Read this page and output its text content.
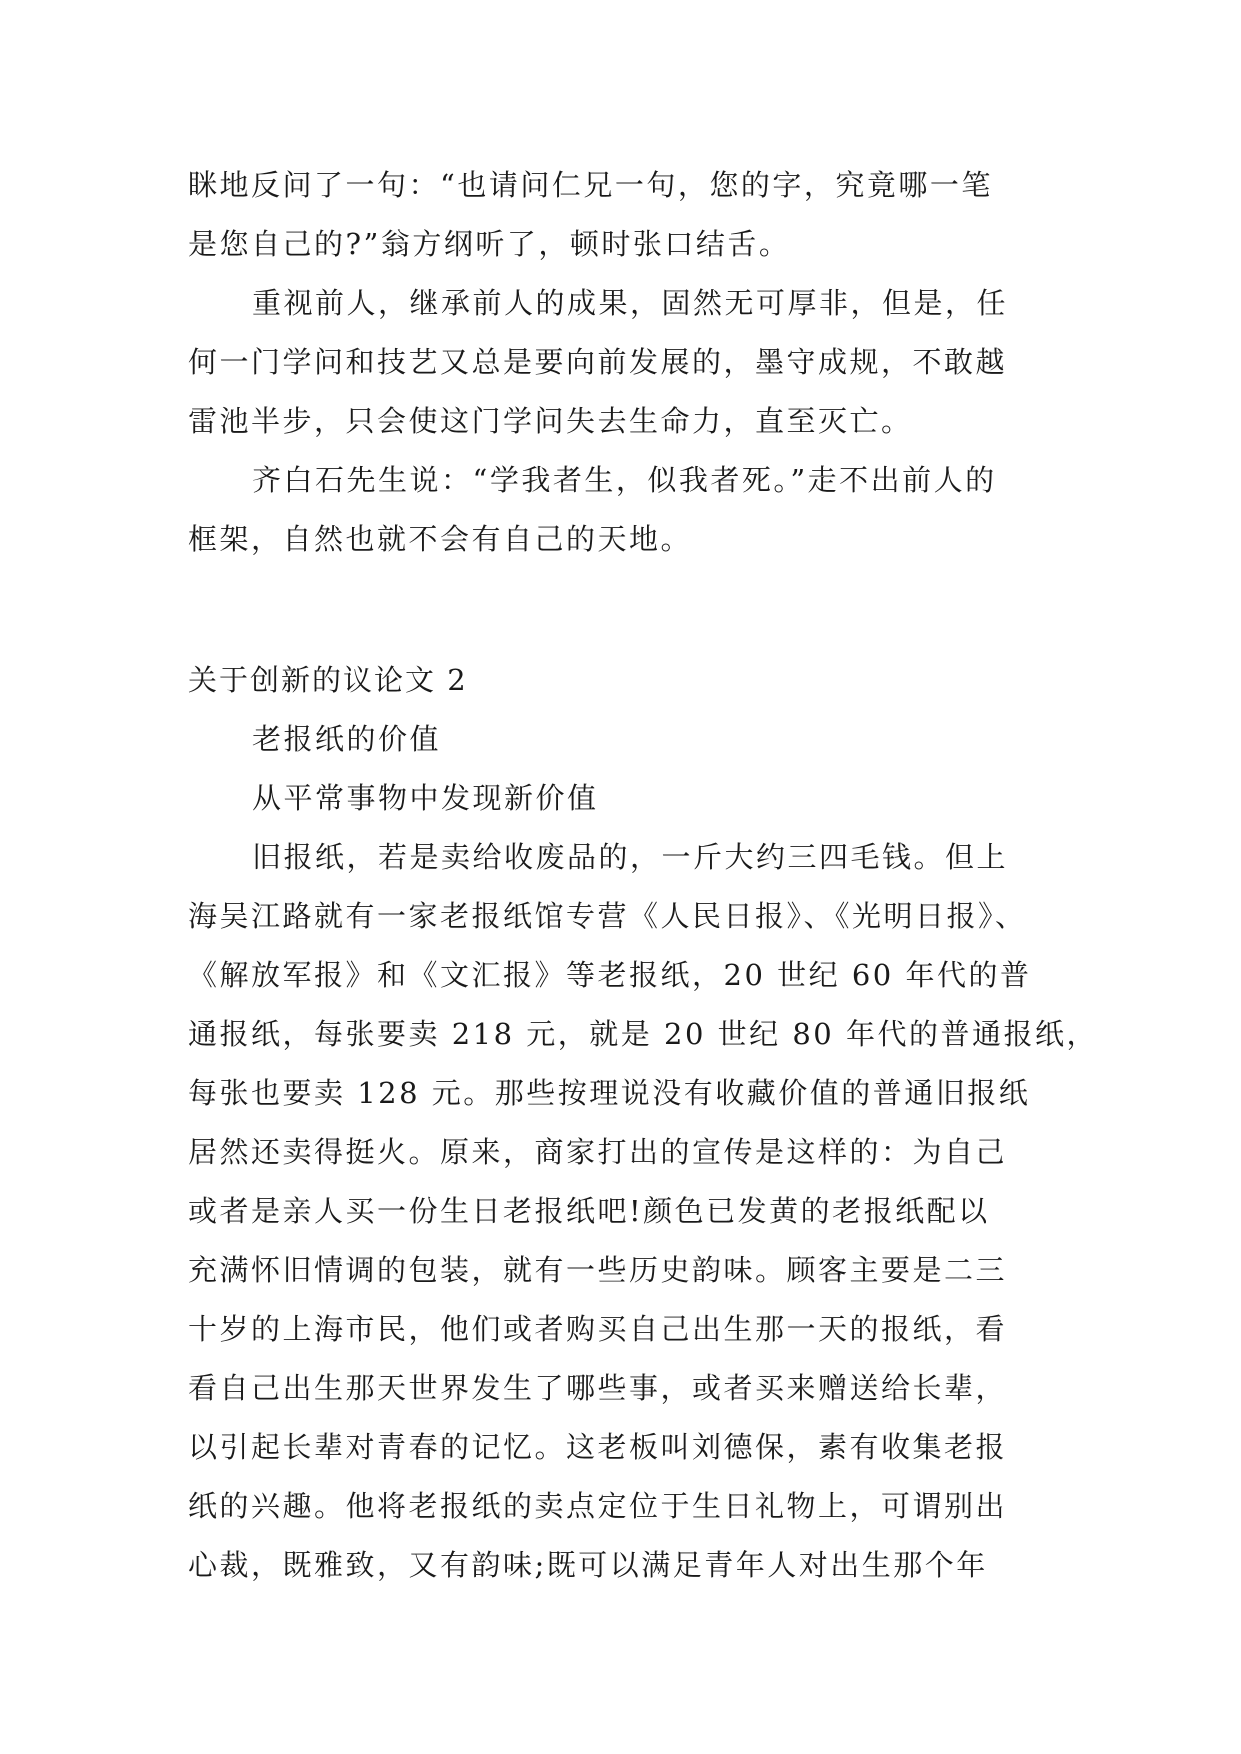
眯地反问了一句：“也请问仁兄一句，您的字，究竟哪一笔

是您自己的?”翁方纲听了，顿时张口结舌。

重视前人，继承前人的成果，固然无可厚非，但是，任

何一门学问和技艺又总是要向前发展的，墨守成规，不敢越

雷池半步，只会使这门学问失去生命力，直至灭亡。

齐白石先生说：“学我者生，似我者死。”走不出前人的

框架，自然也就不会有自己的天地。

关于创新的议论文 2

老报纸的价值

从平常事物中发现新价值

旧报纸，若是卖给收废品的，一斤大约三四毛钱。但上

海吴江路就有一家老报纸馆专营《人民日报》、《光明日报》、

《解放军报》和《文汇报》等老报纸，20 世纪 60 年代的普

通报纸，每张要卖 218 元，就是 20 世纪 80 年代的普通报纸，

每张也要卖 128 元。那些按理说没有收藏价值的普通旧报纸

居然还卖得挺火。原来，商家打出的宣传是这样的：为自己

或者是亲人买一份生日老报纸吧!颜色已发黄的老报纸配以

充满怀旧情调的包装，就有一些历史韵味。顾客主要是二三

十岁的上海市民，他们或者购买自己出生那一天的报纸，看

看自己出生那天世界发生了哪些事，或者买来赠送给长辈，

以引起长辈对青春的记忆。这老板叫刘德保，素有收集老报

纸的兴趣。他将老报纸的卖点定位于生日礼物上，可谓别出

心裁，既雅致，又有韵味;既可以满足青年人对出生那个年
